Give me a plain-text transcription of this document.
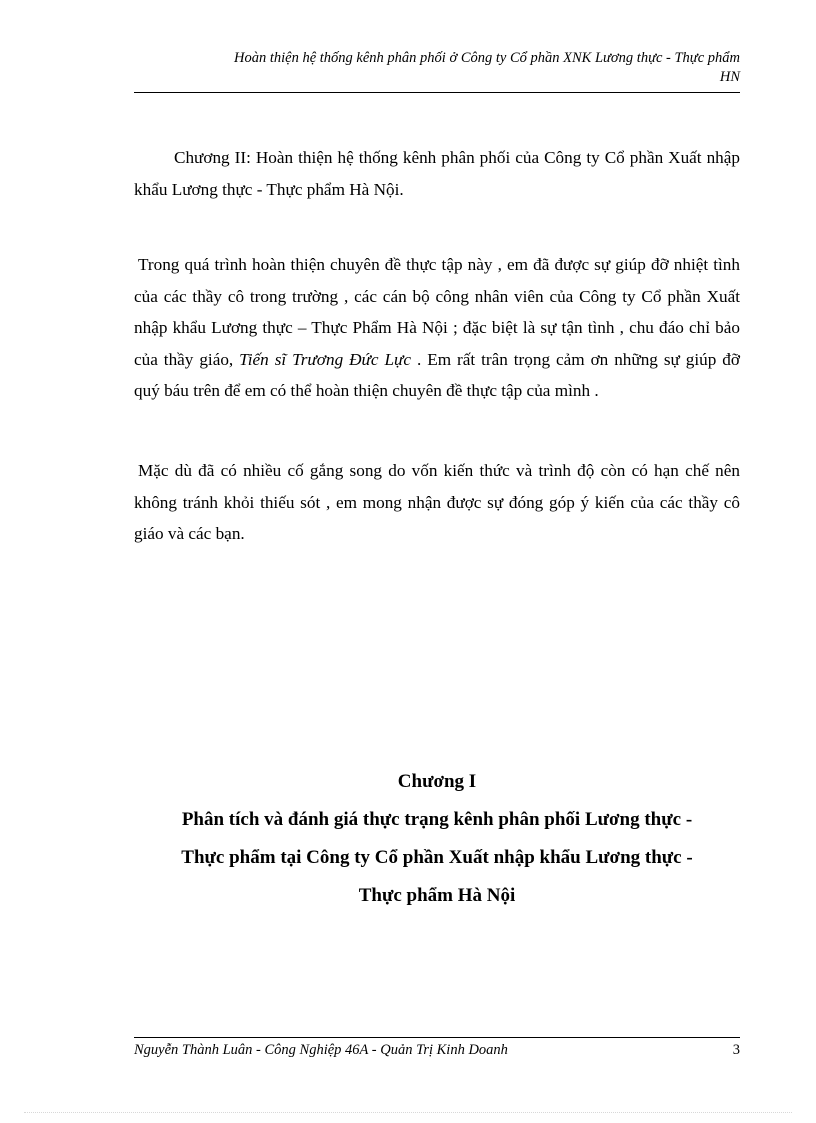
Hoàn thiện hệ thống kênh phân phối ở Công ty Cổ phần XNK Lương thực - Thực phẩm
HN

Chương II: Hoàn thiện hệ thống kênh phân phối của Công ty Cổ phần Xuất nhập khẩu Lương thực - Thực phẩm Hà Nội.

Trong quá trình hoàn thiện chuyên đề thực tập này , em đã được sự giúp đỡ nhiệt tình của các thầy cô trong trường , các cán bộ công nhân viên của Công ty Cổ phần Xuất nhập khẩu Lương thực – Thực Phẩm Hà Nội ; đặc biệt là sự tận tình , chu đáo chỉ bảo của thầy giáo, Tiến sĩ Trương Đức Lực . Em rất trân trọng cảm ơn những sự giúp đỡ quý báu trên để em có thể hoàn thiện chuyên đề thực tập của mình .

Mặc dù đã có nhiều cố gắng song do vốn kiến thức và trình độ còn có hạn chế nên không tránh khỏi thiếu sót , em mong nhận được sự đóng góp ý kiến của các thầy cô giáo và các bạn.

Chương I
Phân tích và đánh giá thực trạng kênh phân phối Lương thực -
Thực phẩm tại Công ty Cổ phần Xuất nhập khẩu Lương thực -
Thực phẩm Hà Nội
Nguyễn Thành Luân - Công Nghiệp 46A - Quản Trị Kinh Doanh	3
